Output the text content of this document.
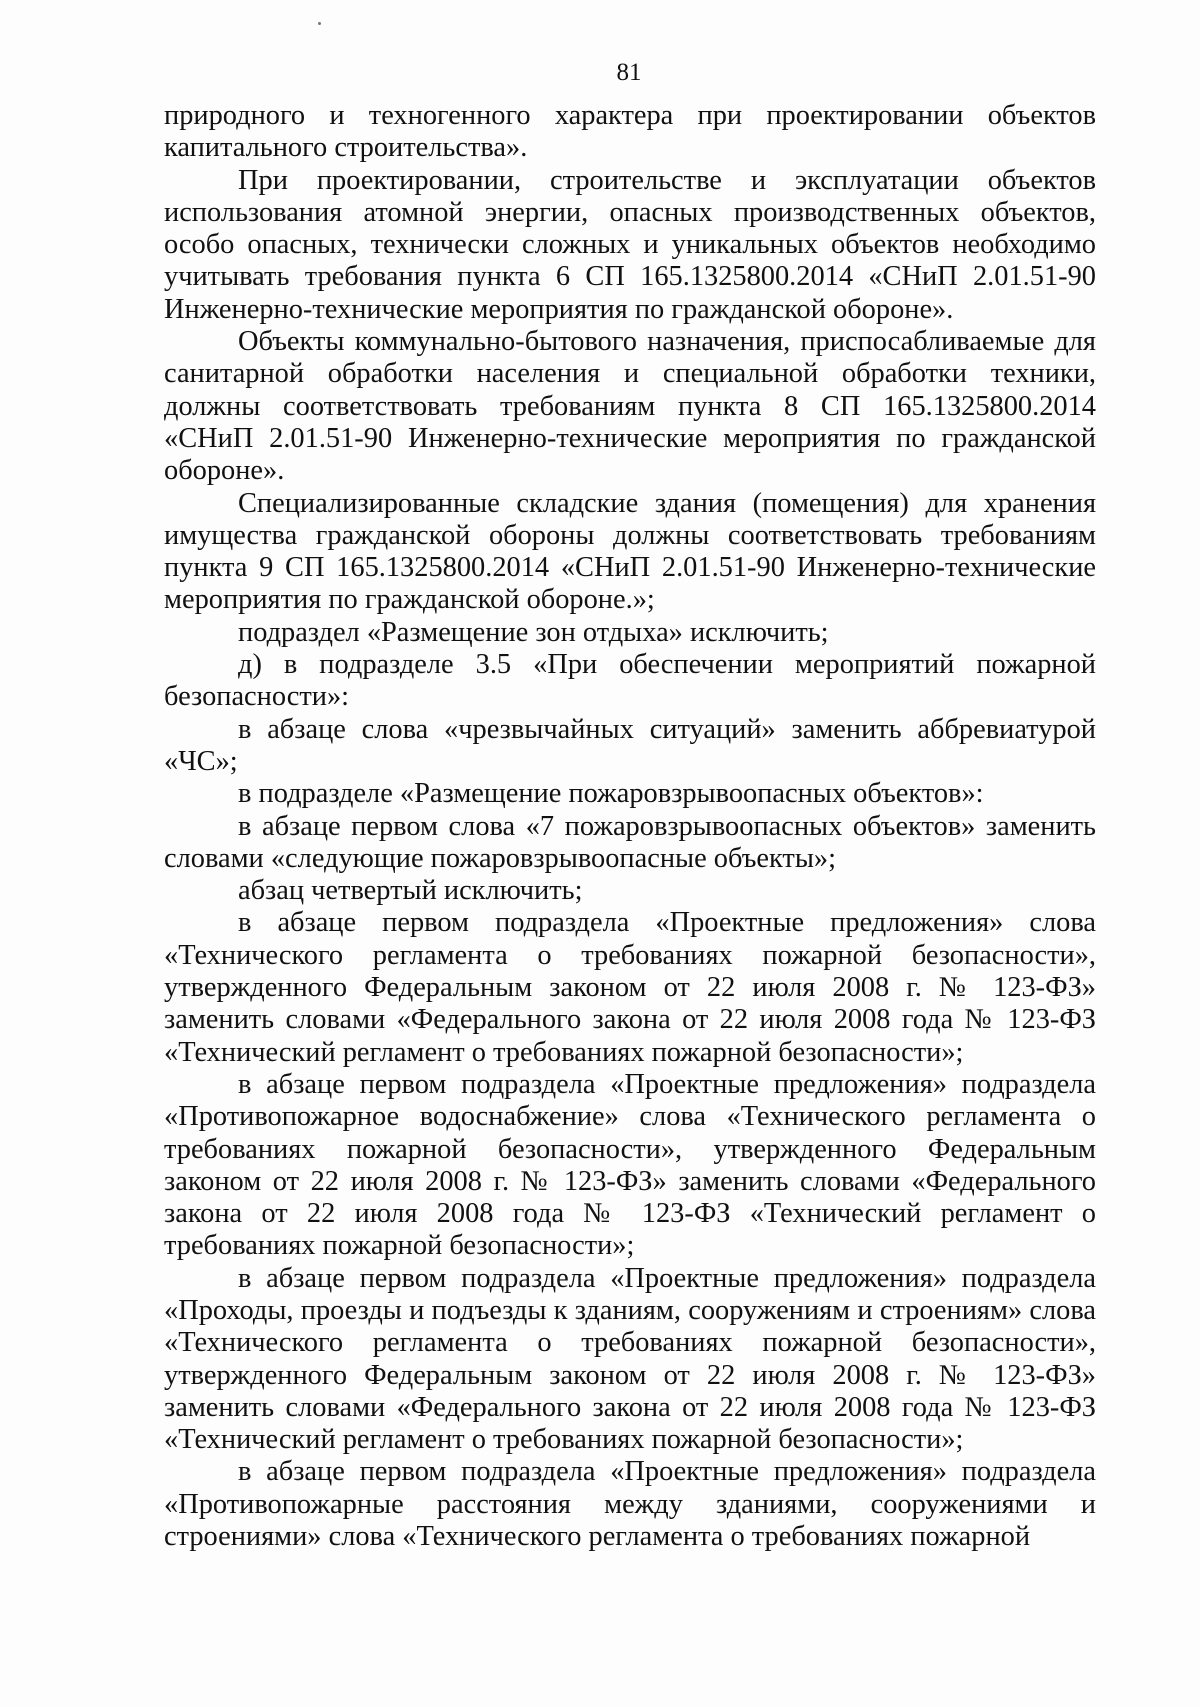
81

природного и техногенного характера при проектировании объектов капитального строительства».

При проектировании, строительстве и эксплуатации объектов использования атомной энергии, опасных производственных объектов, особо опасных, технически сложных и уникальных объектов необходимо учитывать требования пункта 6 СП 165.1325800.2014 «СНиП 2.01.51-90 Инженерно-технические мероприятия по гражданской обороне».

Объекты коммунально-бытового назначения, приспосабливаемые для санитарной обработки населения и специальной обработки техники, должны соответствовать требованиям пункта 8 СП 165.1325800.2014 «СНиП 2.01.51-90 Инженерно-технические мероприятия по гражданской обороне».

Специализированные складские здания (помещения) для хранения имущества гражданской обороны должны соответствовать требованиям пункта 9 СП 165.1325800.2014 «СНиП 2.01.51-90 Инженерно-технические мероприятия по гражданской обороне.»;

подраздел «Размещение зон отдыха» исключить;

д) в подразделе 3.5 «При обеспечении мероприятий пожарной безопасности»:

в абзаце слова «чрезвычайных ситуаций» заменить аббревиатурой «ЧС»;

в подразделе «Размещение пожаровзрывоопасных объектов»:

в абзаце первом слова «7 пожаровзрывоопасных объектов» заменить словами «следующие пожаровзрывоопасные объекты»;

абзац четвертый исключить;

в абзаце первом подраздела «Проектные предложения» слова «Технического регламента о требованиях пожарной безопасности», утвержденного Федеральным законом от 22 июля 2008 г. № 123-ФЗ» заменить словами «Федерального закона от 22 июля 2008 года № 123-ФЗ «Технический регламент о требованиях пожарной безопасности»;

в абзаце первом подраздела «Проектные предложения» подраздела «Противопожарное водоснабжение» слова «Технического регламента о требованиях пожарной безопасности», утвержденного Федеральным законом от 22 июля 2008 г. № 123-ФЗ» заменить словами «Федерального закона от 22 июля 2008 года № 123-ФЗ «Технический регламент о требованиях пожарной безопасности»;

в абзаце первом подраздела «Проектные предложения» подраздела «Проходы, проезды и подъезды к зданиям, сооружениям и строениям» слова «Технического регламента о требованиях пожарной безопасности», утвержденного Федеральным законом от 22 июля 2008 г. № 123-ФЗ» заменить словами «Федерального закона от 22 июля 2008 года № 123-ФЗ «Технический регламент о требованиях пожарной безопасности»;

в абзаце первом подраздела «Проектные предложения» подраздела «Противопожарные расстояния между зданиями, сооружениями и строениями» слова «Технического регламента о требованиях пожарной
